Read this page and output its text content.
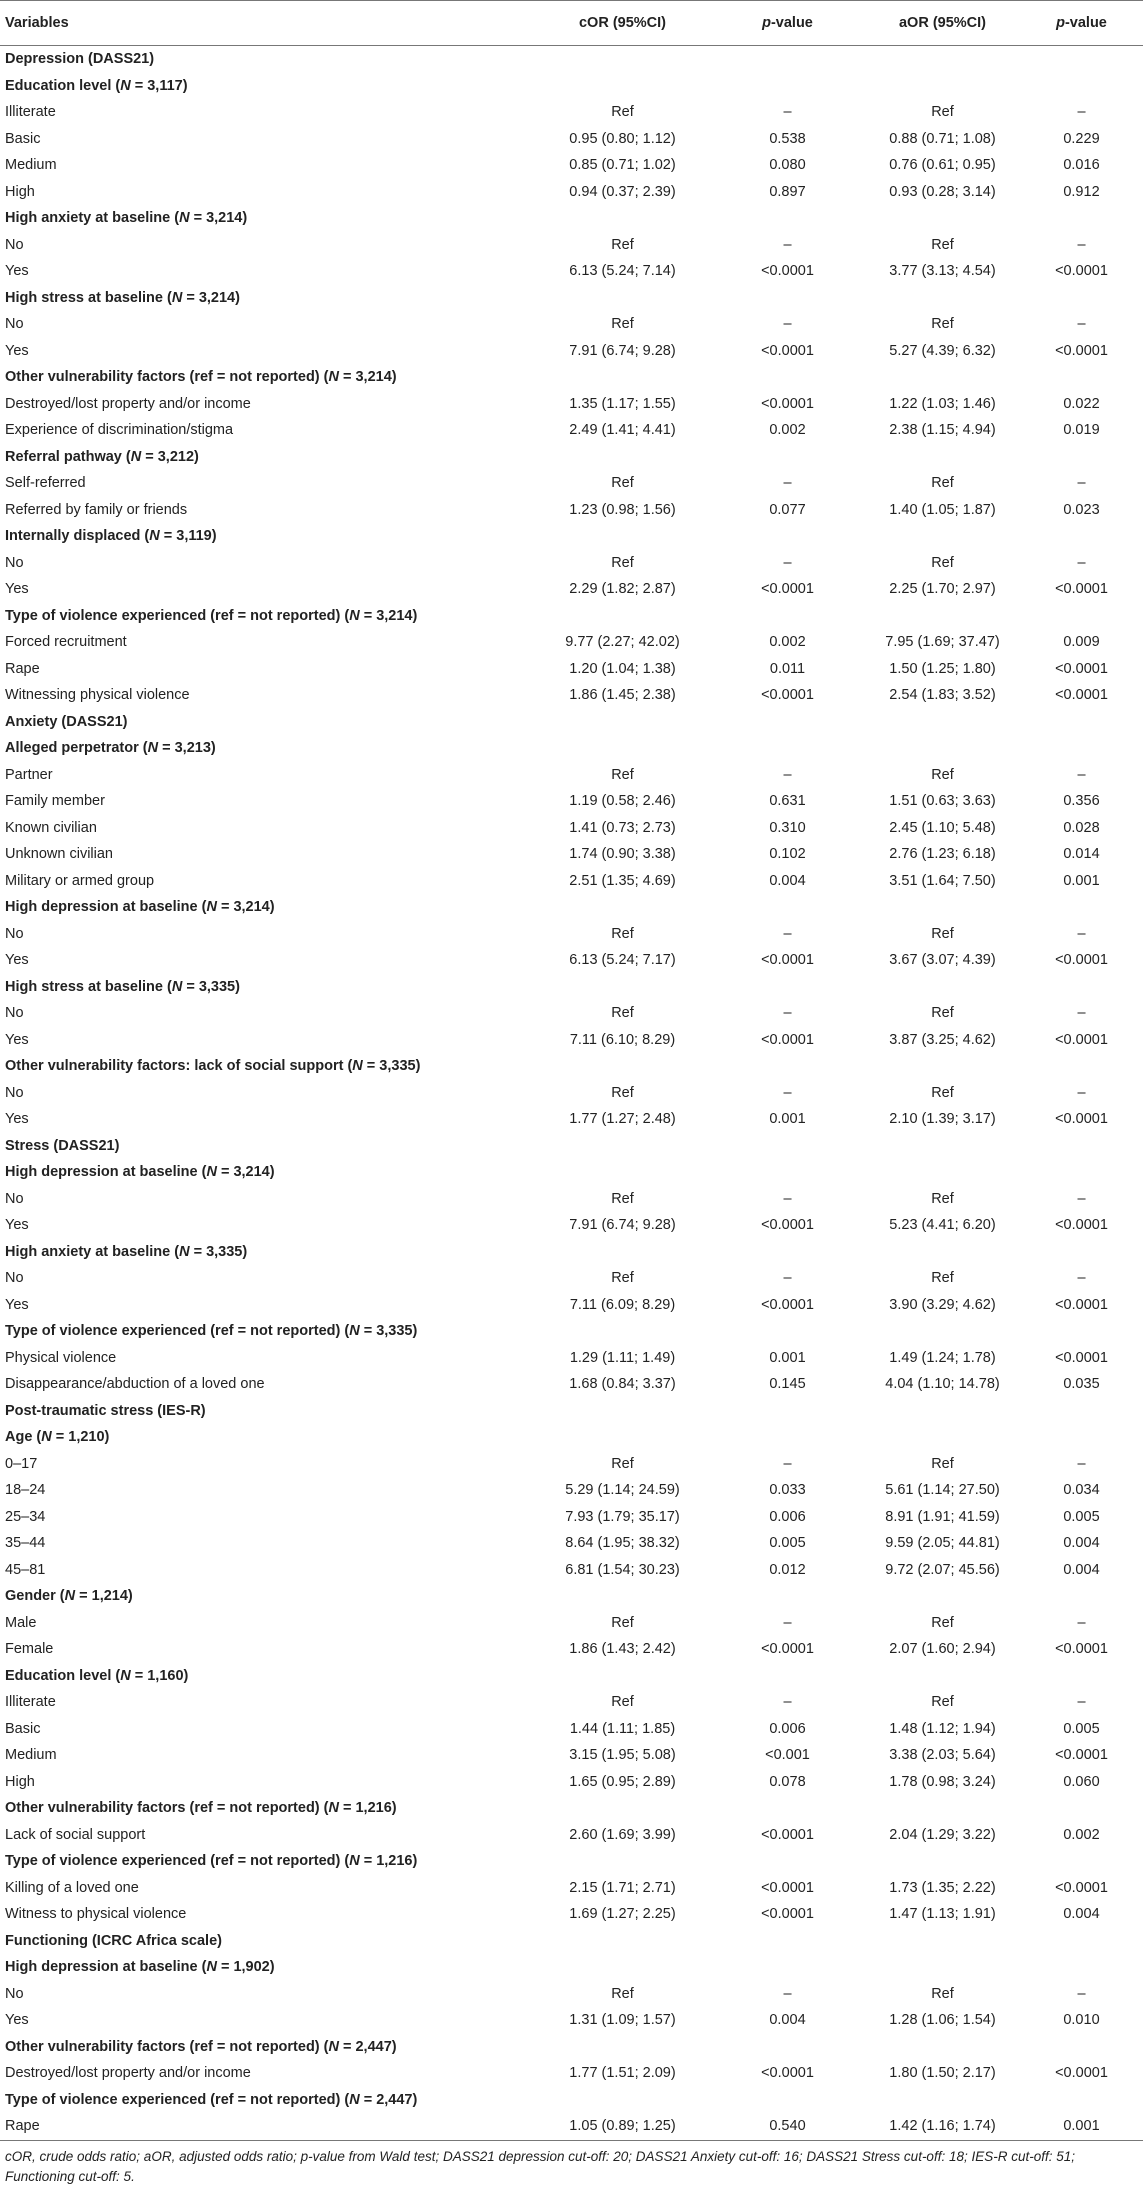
Variables	cOR (95%CI)	p-value	aOR (95%CI)	p-value
Depression (DASS21)				
Education level (N = 3,117)				
Illiterate	Ref	–	Ref	–
Basic	0.95 (0.80; 1.12)	0.538	0.88 (0.71; 1.08)	0.229
Medium	0.85 (0.71; 1.02)	0.080	0.76 (0.61; 0.95)	0.016
High	0.94 (0.37; 2.39)	0.897	0.93 (0.28; 3.14)	0.912
High anxiety at baseline (N = 3,214)				
No	Ref	–	Ref	–
Yes	6.13 (5.24; 7.14)	<0.0001	3.77 (3.13; 4.54)	<0.0001
High stress at baseline (N = 3,214)				
No	Ref	–	Ref	–
Yes	7.91 (6.74; 9.28)	<0.0001	5.27 (4.39; 6.32)	<0.0001
Other vulnerability factors (ref = not reported) (N = 3,214)				
Destroyed/lost property and/or income	1.35 (1.17; 1.55)	<0.0001	1.22 (1.03; 1.46)	0.022
Experience of discrimination/stigma	2.49 (1.41; 4.41)	0.002	2.38 (1.15; 4.94)	0.019
Referral pathway (N = 3,212)				
Self-referred	Ref	–	Ref	–
Referred by family or friends	1.23 (0.98; 1.56)	0.077	1.40 (1.05; 1.87)	0.023
Internally displaced (N = 3,119)				
No	Ref	–	Ref	–
Yes	2.29 (1.82; 2.87)	<0.0001	2.25 (1.70; 2.97)	<0.0001
Type of violence experienced (ref = not reported) (N = 3,214)				
Forced recruitment	9.77 (2.27; 42.02)	0.002	7.95 (1.69; 37.47)	0.009
Rape	1.20 (1.04; 1.38)	0.011	1.50 (1.25; 1.80)	<0.0001
Witnessing physical violence	1.86 (1.45; 2.38)	<0.0001	2.54 (1.83; 3.52)	<0.0001
Anxiety (DASS21)				
Alleged perpetrator (N = 3,213)				
Partner	Ref	–	Ref	–
Family member	1.19 (0.58; 2.46)	0.631	1.51 (0.63; 3.63)	0.356
Known civilian	1.41 (0.73; 2.73)	0.310	2.45 (1.10; 5.48)	0.028
Unknown civilian	1.74 (0.90; 3.38)	0.102	2.76 (1.23; 6.18)	0.014
Military or armed group	2.51 (1.35; 4.69)	0.004	3.51 (1.64; 7.50)	0.001
High depression at baseline (N = 3,214)				
No	Ref	–	Ref	–
Yes	6.13 (5.24; 7.17)	<0.0001	3.67 (3.07; 4.39)	<0.0001
High stress at baseline (N = 3,335)				
No	Ref	–	Ref	–
Yes	7.11 (6.10; 8.29)	<0.0001	3.87 (3.25; 4.62)	<0.0001
Other vulnerability factors: lack of social support (N = 3,335)				
No	Ref	–	Ref	–
Yes	1.77 (1.27; 2.48)	0.001	2.10 (1.39; 3.17)	<0.0001
Stress (DASS21)				
High depression at baseline (N = 3,214)				
No	Ref	–	Ref	–
Yes	7.91 (6.74; 9.28)	<0.0001	5.23 (4.41; 6.20)	<0.0001
High anxiety at baseline (N = 3,335)				
No	Ref	–	Ref	–
Yes	7.11 (6.09; 8.29)	<0.0001	3.90 (3.29; 4.62)	<0.0001
Type of violence experienced (ref = not reported) (N = 3,335)				
Physical violence	1.29 (1.11; 1.49)	0.001	1.49 (1.24; 1.78)	<0.0001
Disappearance/abduction of a loved one	1.68 (0.84; 3.37)	0.145	4.04 (1.10; 14.78)	0.035
Post-traumatic stress (IES-R)				
Age (N = 1,210)				
0–17	Ref	–	Ref	–
18–24	5.29 (1.14; 24.59)	0.033	5.61 (1.14; 27.50)	0.034
25–34	7.93 (1.79; 35.17)	0.006	8.91 (1.91; 41.59)	0.005
35–44	8.64 (1.95; 38.32)	0.005	9.59 (2.05; 44.81)	0.004
45–81	6.81 (1.54; 30.23)	0.012	9.72 (2.07; 45.56)	0.004
Gender (N = 1,214)				
Male	Ref	–	Ref	–
Female	1.86 (1.43; 2.42)	<0.0001	2.07 (1.60; 2.94)	<0.0001
Education level (N = 1,160)				
Illiterate	Ref	–	Ref	–
Basic	1.44 (1.11; 1.85)	0.006	1.48 (1.12; 1.94)	0.005
Medium	3.15 (1.95; 5.08)	<0.001	3.38 (2.03; 5.64)	<0.0001
High	1.65 (0.95; 2.89)	0.078	1.78 (0.98; 3.24)	0.060
Other vulnerability factors (ref = not reported) (N = 1,216)				
Lack of social support	2.60 (1.69; 3.99)	<0.0001	2.04 (1.29; 3.22)	0.002
Type of violence experienced (ref = not reported) (N = 1,216)				
Killing of a loved one	2.15 (1.71; 2.71)	<0.0001	1.73 (1.35; 2.22)	<0.0001
Witness to physical violence	1.69 (1.27; 2.25)	<0.0001	1.47 (1.13; 1.91)	0.004
Functioning (ICRC Africa scale)				
High depression at baseline (N = 1,902)				
No	Ref	–	Ref	–
Yes	1.31 (1.09; 1.57)	0.004	1.28 (1.06; 1.54)	0.010
Other vulnerability factors (ref = not reported) (N = 2,447)				
Destroyed/lost property and/or income	1.77 (1.51; 2.09)	<0.0001	1.80 (1.50; 2.17)	<0.0001
Type of violence experienced (ref = not reported) (N = 2,447)				
Rape	1.05 (0.89; 1.25)	0.540	1.42 (1.16; 1.74)	0.001
cOR, crude odds ratio; aOR, adjusted odds ratio; p-value from Wald test; DASS21 depression cut-off: 20; DASS21 Anxiety cut-off: 16; DASS21 Stress cut-off: 18; IES-R cut-off: 51; Functioning cut-off: 5.
